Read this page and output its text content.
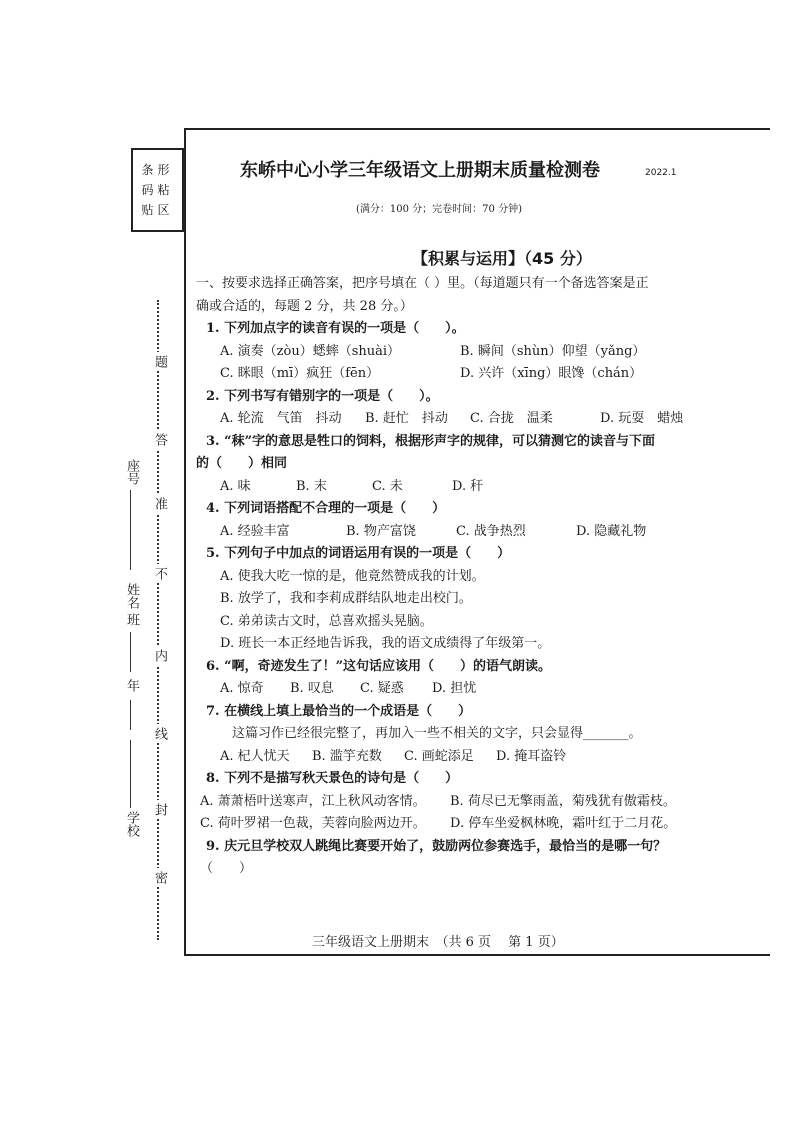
条形
码粘
贴区
密
封
线
内
不
准
答
题
学校
年
班
姓名
座号
东峤中心小学三年级语文上册期末质量检测卷	2022.1
(满分：100 分；完卷时间：70 分钟)
【积累与运用】（45 分）
一、按要求选择正确答案，把序号填在（ ）里。（每道题只有一个备选答案是正
确或合适的，每题 2 分，共 28 分。）
1. 下列加点字的读音有误的一项是（　　）。
A. 演奏（zòu）蟋蟀（shuài）	B. 瞬间（shùn）仰望（yǎng）
C. 眯眼（mī）疯狂（fēn）	D. 兴许（xīng）眼馋（chán）
2. 下列书写有错别字的一项是（　　）。
A. 轮流　气笛　抖动 B. 赶忙　抖动 C. 合拢　温柔	D. 玩耍　蜡烛
3. “秣”字的意思是牲口的饲料，根据形声字的规律，可以猜测它的读音与下面
的（　　）相同
A. 味	B. 末	C. 未	D. 秆
4. 下列词语搭配不合理的一项是（　　）
A. 经验丰富	B. 物产富饶	C. 战争热烈	D. 隐藏礼物
5. 下列句子中加点的词语运用有误的一项是（　　）
A. 使我大吃一惊的是，他竟然赞成我的计划。
B. 放学了，我和李莉成群结队地走出校门。
C. 弟弟读古文时，总喜欢摇头晃脑。
D. 班长一本正经地告诉我，我的语文成绩得了年级第一。
6. “啊，奇迹发生了！”这句话应该用（　　）的语气朗读。
A. 惊奇 B. 叹息 C. 疑惑 D. 担忧
7. 在横线上填上最恰当的一个成语是（　　）
这篇习作已经很完整了，再加入一些不相关的文字，只会显得_______。
A. 杞人忧天 B. 滥竽充数 C. 画蛇添足 D. 掩耳盗铃
8. 下列不是描写秋天景色的诗句是（　　）
A. 萧萧梧叶送寒声，江上秋风动客情。 B. 荷尽已无擎雨盖，菊残犹有傲霜枝。
C. 荷叶罗裙一色裁，芙蓉向脸两边开。 D. 停车坐爱枫林晚，霜叶红于二月花。
9. 庆元旦学校双人跳绳比赛要开始了，鼓励两位参赛选手，最恰当的是哪一句？
（　　）
三年级语文上册期末　（共 6 页　 第 1 页）
